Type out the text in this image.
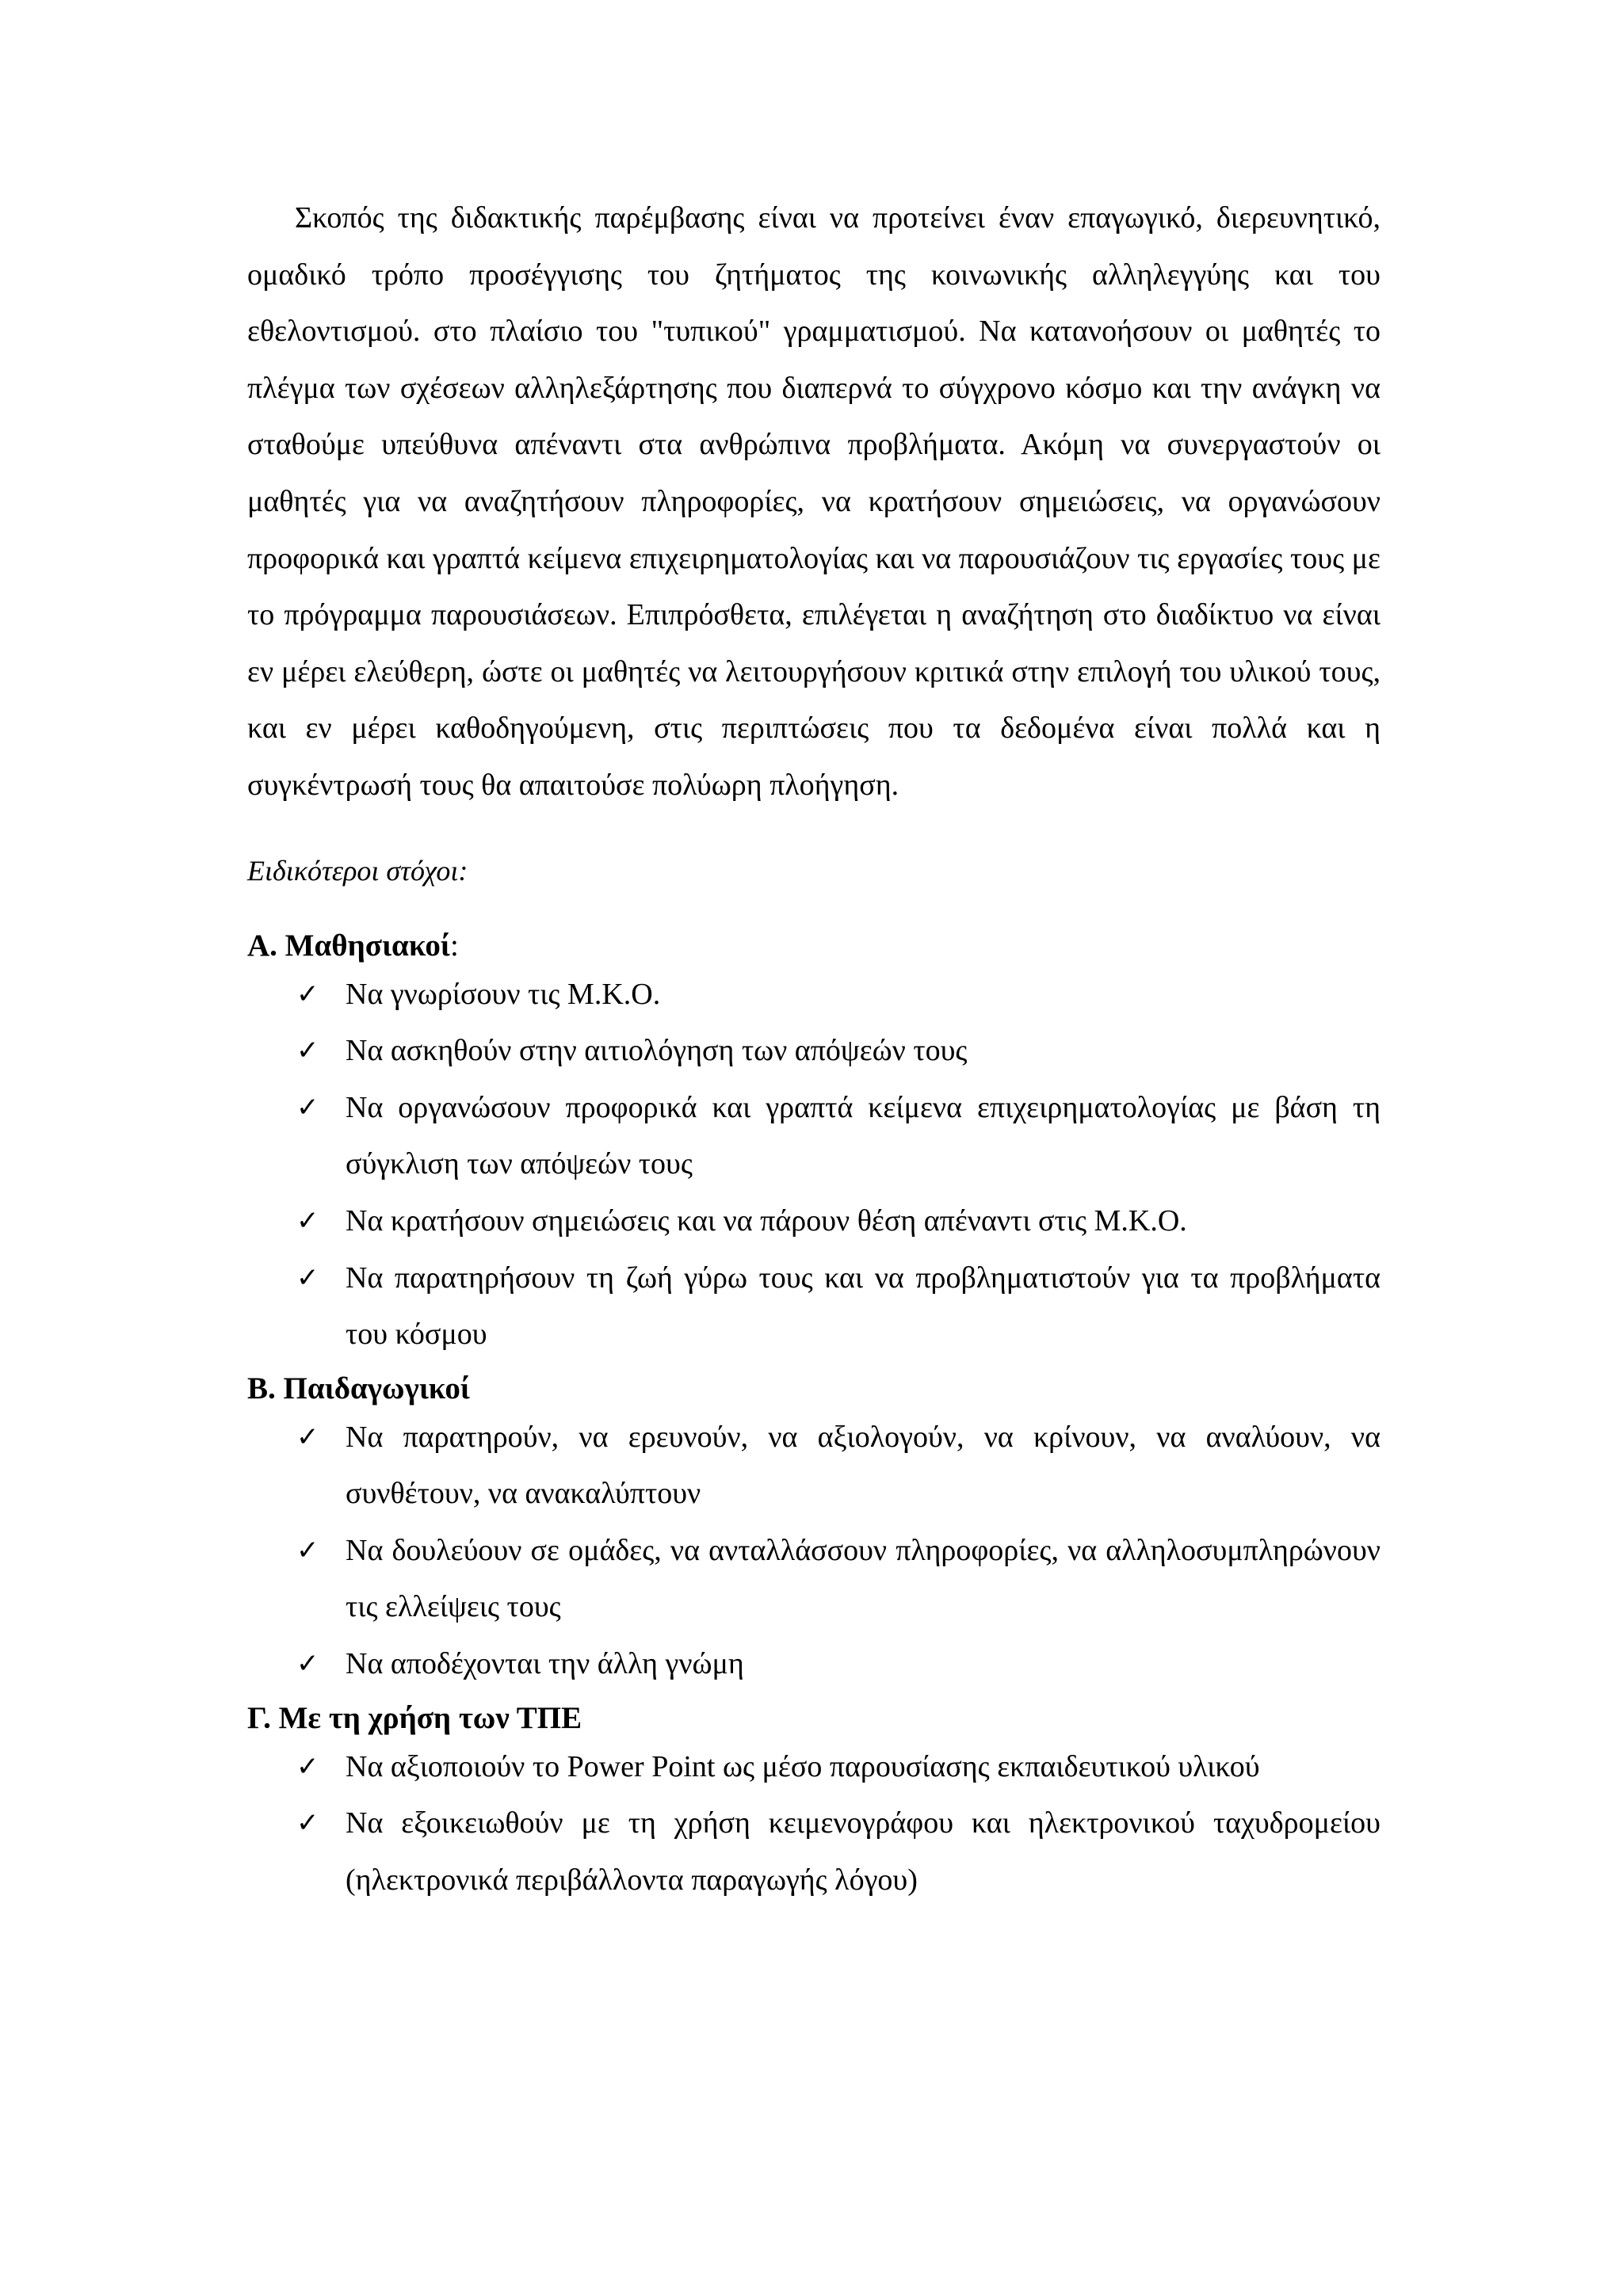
Σκοπός της διδακτικής παρέμβασης είναι να προτείνει έναν επαγωγικό, διερευνητικό, ομαδικό τρόπο προσέγγισης του ζητήματος της κοινωνικής αλληλεγγύης και του εθελοντισμού. στο πλαίσιο του "τυπικού" γραμματισμού. Να κατανοήσουν οι μαθητές το πλέγμα των σχέσεων αλληλεξάρτησης που διαπερνά το σύγχρονο κόσμο και την ανάγκη να σταθούμε υπεύθυνα απέναντι στα ανθρώπινα προβλήματα. Ακόμη να συνεργαστούν οι μαθητές για να αναζητήσουν πληροφορίες, να κρατήσουν σημειώσεις, να οργανώσουν προφορικά και γραπτά κείμενα επιχειρηματολογίας και να παρουσιάζουν τις εργασίες τους με το πρόγραμμα παρουσιάσεων. Επιπρόσθετα, επιλέγεται η αναζήτηση στο διαδίκτυο να είναι εν μέρει ελεύθερη, ώστε οι μαθητές να λειτουργήσουν κριτικά στην επιλογή του υλικού τους, και εν μέρει καθοδηγούμενη, στις περιπτώσεις που τα δεδομένα είναι πολλά και η συγκέντρωσή τους θα απαιτούσε πολύωρη πλοήγηση.

Ειδικότεροι στόχοι:
Α. Μαθησιακοί:
✓ Να γνωρίσουν τις Μ.Κ.Ο.
✓ Να ασκηθούν στην αιτιολόγηση των απόψεών τους
✓ Να οργανώσουν προφορικά και γραπτά κείμενα επιχειρηματολογίας με βάση τη σύγκλιση των απόψεών τους
✓ Να κρατήσουν σημειώσεις και να πάρουν θέση απέναντι στις Μ.Κ.Ο.
✓ Να παρατηρήσουν τη ζωή γύρω τους και να προβληματιστούν για τα προβλήματα του κόσμου
Β. Παιδαγωγικοί
✓ Να παρατηρούν, να ερευνούν, να αξιολογούν, να κρίνουν, να αναλύουν, να συνθέτουν, να ανακαλύπτουν
✓ Να δουλεύουν σε ομάδες, να ανταλλάσσουν πληροφορίες, να αλληλοσυμπληρώνουν τις ελλείψεις τους
✓ Να αποδέχονται την άλλη γνώμη
Γ. Με τη χρήση των ΤΠΕ
✓ Να αξιοποιούν το Power Point ως μέσο παρουσίασης εκπαιδευτικού υλικού
✓ Να εξοικειωθούν με τη χρήση κειμενογράφου και ηλεκτρονικού ταχυδρομείου (ηλεκτρονικά περιβάλλοντα παραγωγής λόγου)
